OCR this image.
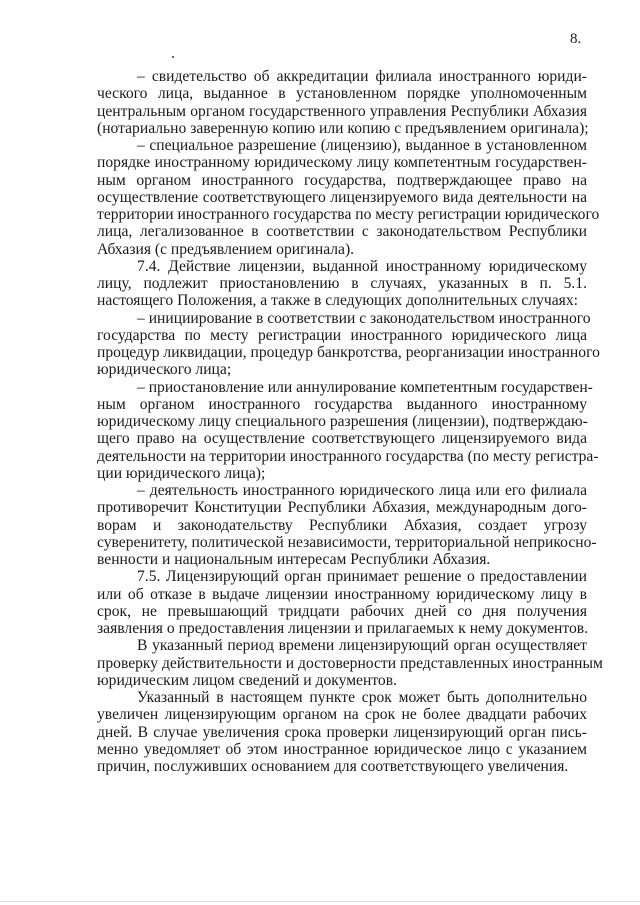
8.
– свидетельство об аккредитации филиала иностранного юриди-
ческого лица, выданное в установленном порядке уполномоченным
центральным органом государственного управления Республики Абхазия
(нотариально заверенную копию или копию с предъявлением оригинала);
– специальное разрешение (лицензию), выданное в установленном
порядке иностранному юридическому лицу компетентным государствен-
ным органом иностранного государства, подтверждающее право на
осуществление соответствующего лицензируемого вида деятельности на
территории иностранного государства по месту регистрации юридического
лица, легализованное в соответствии с законодательством Республики
Абхазия (с предъявлением оригинала).
7.4. Действие лицензии, выданной иностранному юридическому
лицу, подлежит приостановлению в случаях, указанных в п. 5.1.
настоящего Положения, а также в следующих дополнительных случаях:
– инициирование в соответствии с законодательством иностранного
государства по месту регистрации иностранного юридического лица
процедур ликвидации, процедур банкротства, реорганизации иностранного
юридического лица;
– приостановление или аннулирование компетентным государствен-
ным органом иностранного государства выданного иностранному
юридическому лицу специального разрешения (лицензии), подтверждаю-
щего право на осуществление соответствующего лицензируемого вида
деятельности на территории иностранного государства (по месту регистра-
ции юридического лица);
– деятельность иностранного юридического лица или его филиала
противоречит Конституции Республики Абхазия, международным дого-
ворам и законодательству Республики Абхазия, создает угрозу
суверенитету, политической независимости, территориальной неприкосно-
венности и национальным интересам Республики Абхазия.
7.5. Лицензирующий орган принимает решение о предоставлении
или об отказе в выдаче лицензии иностранному юридическому лицу в
срок, не превышающий тридцати рабочих дней со дня получения
заявления о предоставления лицензии и прилагаемых к нему документов.
В указанный период времени лицензирующий орган осуществляет
проверку действительности и достоверности представленных иностранным
юридическим лицом сведений и документов.
Указанный в настоящем пункте срок может быть дополнительно
увеличен лицензирующим органом на срок не более двадцати рабочих
дней. В случае увеличения срока проверки лицензирующий орган пись-
менно уведомляет об этом иностранное юридическое лицо с указанием
причин, послуживших основанием для соответствующего увеличения.
